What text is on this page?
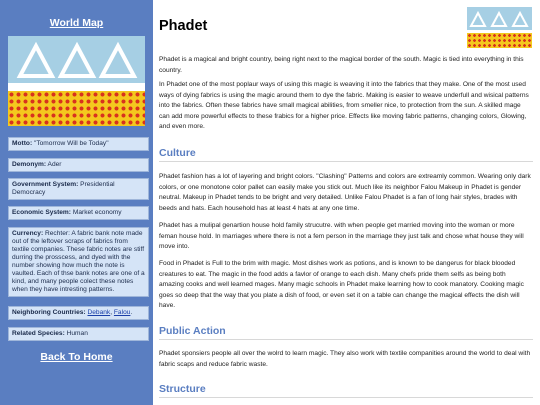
World Map
Motto: "Tomorrow Will be Today"
Demonym: Ader
Government System: Presidential Democracy
Economic System: Market economy
Currency: Rechter: A fabric bank note made out of the leftover scraps of fabrics from textile companies. These fabric notes are stiff durring the prosscess, and dyed with the number showing how much the note is vaulted. Each of thse bank notes are one of a kind, and many people colect these notes when they have intresting patterns.
Neighboring Countries: Debank, Falou.
Related Species: Human
Back To Home
Phadet

Phadet is a magical and bright country, being right next to the magical border of the south. Magic is tied into everything in this country.

In Phadet one of the most poplaur ways of using this magic is weaving it into the fabrics that they make. One of the most used ways of dying fabrics is using the magic around them to dye the fabric. Making is easier to weave underfull and wisical patterns into the fabrics. Often these fabrics have small magical abilities, from smeller nice, to protection from the sun. A skilled mage can add more powerful effects to these frabics for a higher price. Effects like moving fabric patterns, changing colors, Glowing, and even more.

Culture

Phadet fashion has a lot of layering and bright colors. "Clashing" Patterns and colors are extreamly common. Wearing only dark colors, or one monotone color pallet can easily make you stick out. Much like its neighbor Falou Makeup in Phadet is gender neutral. Makeup in Phadet tends to be bright and very detailed. Unlike Falou Phadet is a fan of long hair styles, brades with beeds and hats. Each household has at least 4 hats at any one time.

Phadet has a mulipal genartion house hold family strucutre. with when people get married moving into the woman or more feman house hold. In marriages where there is not a fem person in the marriage they just talk and chose what house they will move into.

Food in Phadet is Full to the brim with magic. Most dishes work as potions, and is known to be dangerus for black blooded creatures to eat. The magic in the food adds a favlor of orange to each dish. Many chefs pride them selfs as being both amazing cooks and well learned mages. Many magic schools in Phadet make learning how to cook manatory. Cooking magic goes so deep that the way that you plate a dish of food, or even set it on a table can change the magical effects the dish will have.

Public Action

Phadet sponsiers people all over the wolrd to learn magic. They also work with textile companities around the world to deal with fabric scaps and reduce fabric waste.

Structure
